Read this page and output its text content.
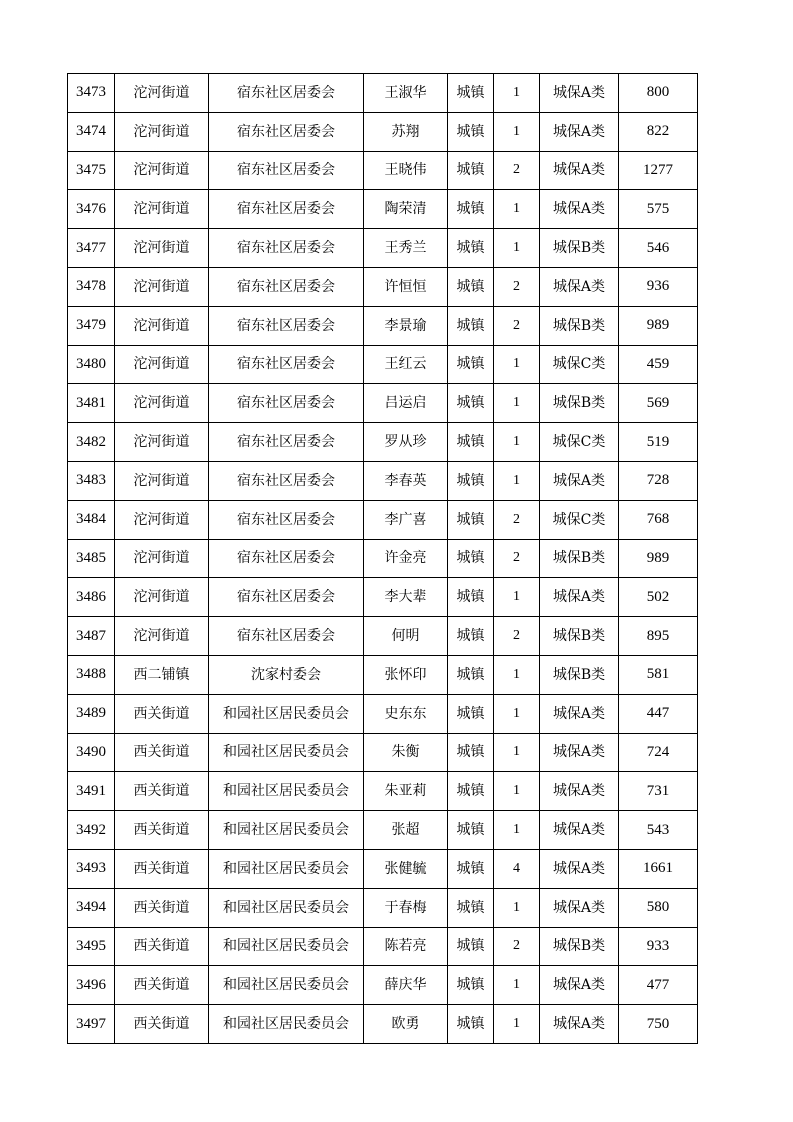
3473	沱河街道	宿东社区居委会	王淑华	城镇	1	城保A类	800
3474	沱河街道	宿东社区居委会	苏翔	城镇	1	城保A类	822
3475	沱河街道	宿东社区居委会	王晓伟	城镇	2	城保A类	1277
3476	沱河街道	宿东社区居委会	陶荣清	城镇	1	城保A类	575
3477	沱河街道	宿东社区居委会	王秀兰	城镇	1	城保B类	546
3478	沱河街道	宿东社区居委会	许恒恒	城镇	2	城保A类	936
3479	沱河街道	宿东社区居委会	李景瑜	城镇	2	城保B类	989
3480	沱河街道	宿东社区居委会	王红云	城镇	1	城保C类	459
3481	沱河街道	宿东社区居委会	吕运启	城镇	1	城保B类	569
3482	沱河街道	宿东社区居委会	罗从珍	城镇	1	城保C类	519
3483	沱河街道	宿东社区居委会	李春英	城镇	1	城保A类	728
3484	沱河街道	宿东社区居委会	李广喜	城镇	2	城保C类	768
3485	沱河街道	宿东社区居委会	许金亮	城镇	2	城保B类	989
3486	沱河街道	宿东社区居委会	李大辈	城镇	1	城保A类	502
3487	沱河街道	宿东社区居委会	何明	城镇	2	城保B类	895
3488	西二铺镇	沈家村委会	张怀印	城镇	1	城保B类	581
3489	西关街道	和园社区居民委员会	史东东	城镇	1	城保A类	447
3490	西关街道	和园社区居民委员会	朱衡	城镇	1	城保A类	724
3491	西关街道	和园社区居民委员会	朱亚莉	城镇	1	城保A类	731
3492	西关街道	和园社区居民委员会	张超	城镇	1	城保A类	543
3493	西关街道	和园社区居民委员会	张健毓	城镇	4	城保A类	1661
3494	西关街道	和园社区居民委员会	于春梅	城镇	1	城保A类	580
3495	西关街道	和园社区居民委员会	陈若亮	城镇	2	城保B类	933
3496	西关街道	和园社区居民委员会	薛庆华	城镇	1	城保A类	477
3497	西关街道	和园社区居民委员会	欧勇	城镇	1	城保A类	750
